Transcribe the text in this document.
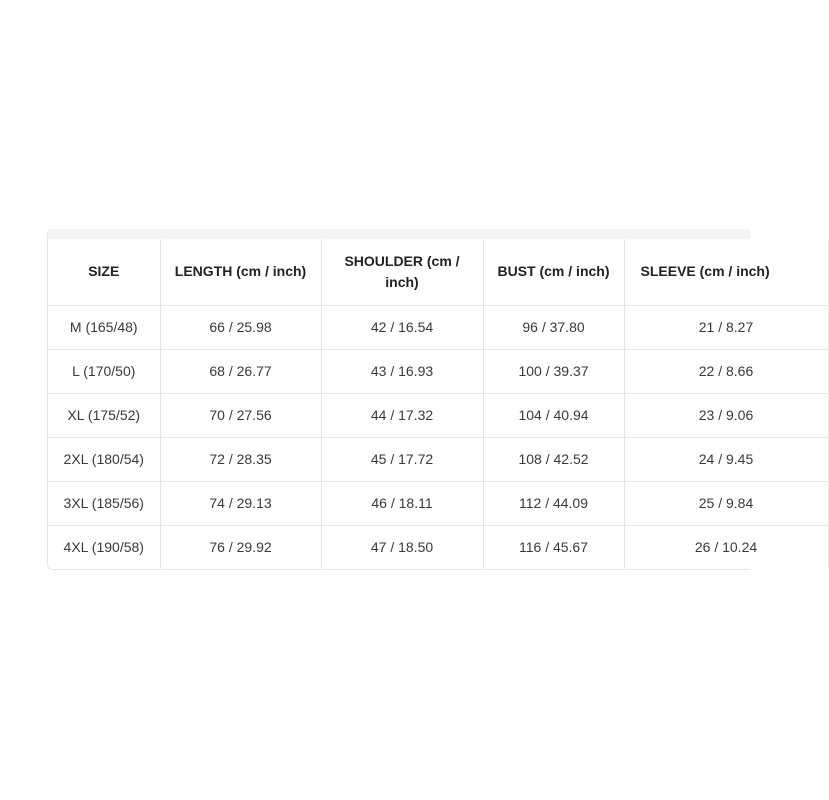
SIZE	LENGTH (cm / inch)	SHOULDER (cm / inch)	BUST (cm / inch)	SLEEVE (cm / inch)
M (165/48)	66 / 25.98	42 / 16.54	96 / 37.80	21 / 8.27
L (170/50)	68 / 26.77	43 / 16.93	100 / 39.37	22 / 8.66
XL (175/52)	70 / 27.56	44 / 17.32	104 / 40.94	23 / 9.06
2XL (180/54)	72 / 28.35	45 / 17.72	108 / 42.52	24 / 9.45
3XL (185/56)	74 / 29.13	46 / 18.11	112 / 44.09	25 / 9.84
4XL (190/58)	76 / 29.92	47 / 18.50	116 / 45.67	26 / 10.24
